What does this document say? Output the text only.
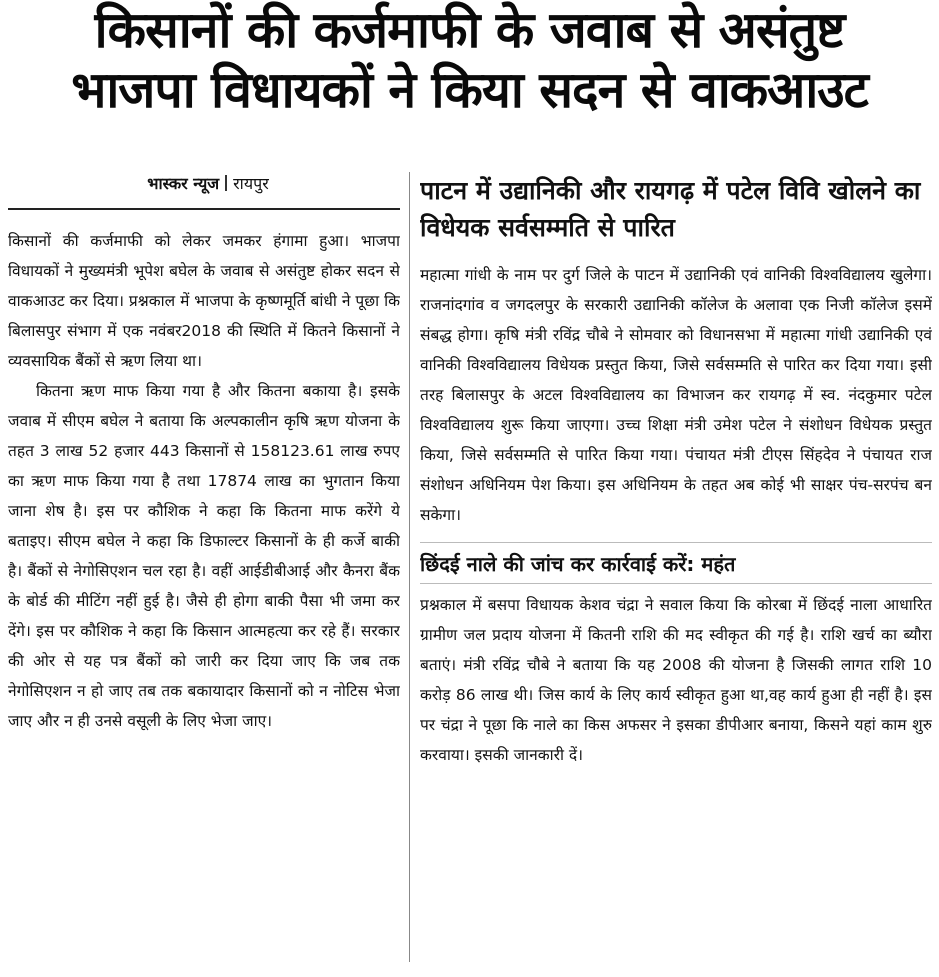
किसानों की कर्जमाफी के जवाब से असंतुष्ट
भाजपा विधायकों ने किया सदन से वाकआउट
भास्कर न्यूज रायपुर

किसानों की कर्जमाफी को लेकर जमकर हंगामा हुआ। भाजपा विधायकों ने मुख्यमंत्री भूपेश बघेल के जवाब से असंतुष्ट होकर सदन से वाकआउट कर दिया। प्रश्नकाल में भाजपा के कृष्णमूर्ति बांधी ने पूछा कि बिलासपुर संभाग में एक नवंबर2018 की स्थिति में कितने किसानों ने व्यवसायिक बैंकों से ऋण लिया था।

कितना ऋण माफ किया गया है और कितना बकाया है। इसके जवाब में सीएम बघेल ने बताया कि अल्पकालीन कृषि ऋण योजना के तहत 3 लाख 52 हजार 443 किसानों से 158123.61 लाख रुपए का ऋण माफ किया गया है तथा 17874 लाख का भुगतान किया जाना शेष है। इस पर कौशिक ने कहा कि कितना माफ करेंगे ये बताइए। सीएम बघेल ने कहा कि डिफाल्टर किसानों के ही कर्जे बाकी है। बैंकों से नेगोसिएशन चल रहा है। वहीं आईडीबीआई और कैनरा बैंक के बोर्ड की मीटिंग नहीं हुई है। जैसे ही होगा बाकी पैसा भी जमा कर देंगे। इस पर कौशिक ने कहा कि किसान आत्महत्या कर रहे हैं। सरकार की ओर से यह पत्र बैंकों को जारी कर दिया जाए कि जब तक नेगोसिएशन न हो जाए तब तक बकायादार किसानों को न नोटिस भेजा जाए और न ही उनसे वसूली के लिए भेजा जाए।

पाटन में उद्यानिकी और रायगढ़ में पटेल विवि खोलने का विधेयक सर्वसम्मति से पारित

महात्मा गांधी के नाम पर दुर्ग जिले के पाटन में उद्यानिकी एवं वानिकी विश्वविद्यालय खुलेगा। राजनांदगांव व जगदलपुर के सरकारी उद्यानिकी कॉलेज के अलावा एक निजी कॉलेज इसमें संबद्ध होगा। कृषि मंत्री रविंद्र चौबे ने सोमवार को विधानसभा में महात्मा गांधी उद्यानिकी एवं वानिकी विश्वविद्यालय विधेयक प्रस्तुत किया, जिसे सर्वसम्मति से पारित कर दिया गया। इसी तरह बिलासपुर के अटल विश्वविद्यालय का विभाजन कर रायगढ़ में स्व. नंदकुमार पटेल विश्वविद्यालय शुरू किया जाएगा। उच्च शिक्षा मंत्री उमेश पटेल ने संशोधन विधेयक प्रस्तुत किया, जिसे सर्वसम्मति से पारित किया गया। पंचायत मंत्री टीएस सिंहदेव ने पंचायत राज संशोधन अधिनियम पेश किया। इस अधिनियम के तहत अब कोई भी साक्षर पंच-सरपंच बन सकेगा।

छिंदई नाले की जांच कर कार्रवाई करें: महंत

प्रश्नकाल में बसपा विधायक केशव चंद्रा ने सवाल किया कि कोरबा में छिंदई नाला आधारित ग्रामीण जल प्रदाय योजना में कितनी राशि की मद स्वीकृत की गई है। राशि खर्च का ब्यौरा बताएं। मंत्री रविंद्र चौबे ने बताया कि यह 2008 की योजना है जिसकी लागत राशि 10 करोड़ 86 लाख थी। जिस कार्य के लिए कार्य स्वीकृत हुआ था,वह कार्य हुआ ही नहीं है। इस पर चंद्रा ने पूछा कि नाले का किस अफसर ने इसका डीपीआर बनाया, किसने यहां काम शुरु करवाया। इसकी जानकारी दें।
